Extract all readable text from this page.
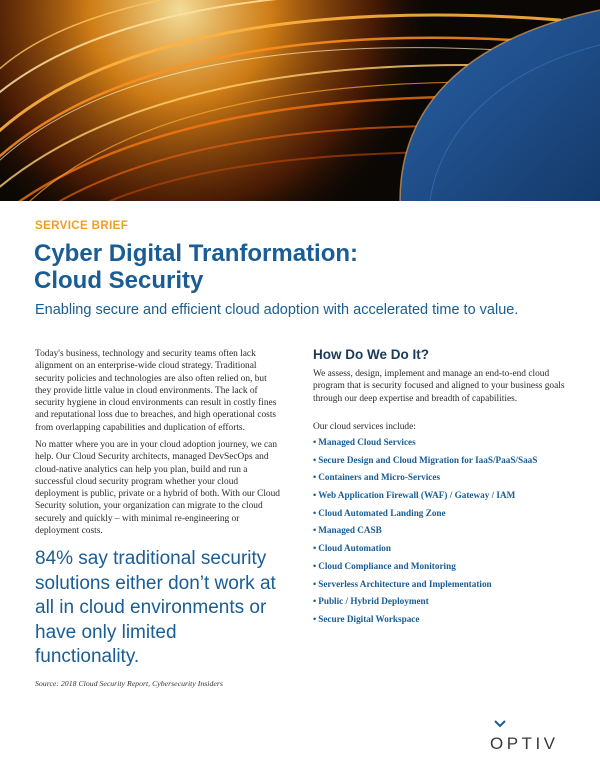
SERVICE BRIEF
Cyber Digital Tranformation:
Cloud Security

Enabling secure and efficient cloud adoption with accelerated time to value.

Today's business, technology and security teams often lack alignment on an enterprise-wide cloud strategy. Traditional security policies and technologies are also often relied on, but they provide little value in cloud environments. The lack of security hygiene in cloud environments can result in costly fines and reputational loss due to breaches, and high operational costs from overlapping capabilities and duplication of efforts.

No matter where you are in your cloud adoption journey, we can help. Our Cloud Security architects, managed DevSecOps and cloud-native analytics can help you plan, build and run a successful cloud security program whether your cloud deployment is public, private or a hybrid of both. With our Cloud Security solution, your organization can migrate to the cloud securely and quickly – with minimal re-engineering or deployment costs.

84% say traditional security solutions either don’t work at all in cloud environments or have only limited functionality.

Source: 2018 Cloud Security Report, Cybersecurity Insiders

How Do We Do It?

We assess, design, implement and manage an end-to-end cloud program that is security focused and aligned to your business goals through our deep expertise and breadth of capabilities.

Our cloud services include:

• Managed Cloud Services
• Secure Design and Cloud Migration for IaaS/PaaS/SaaS
• Containers and Micro-Services
• Web Application Firewall (WAF) / Gateway / IAM
• Cloud Automated Landing Zone
• Managed CASB
• Cloud Automation
• Cloud Compliance and Monitoring
• Serverless Architecture and Implementation
• Public / Hybrid Deployment
• Secure Digital Workspace
OPTIV
